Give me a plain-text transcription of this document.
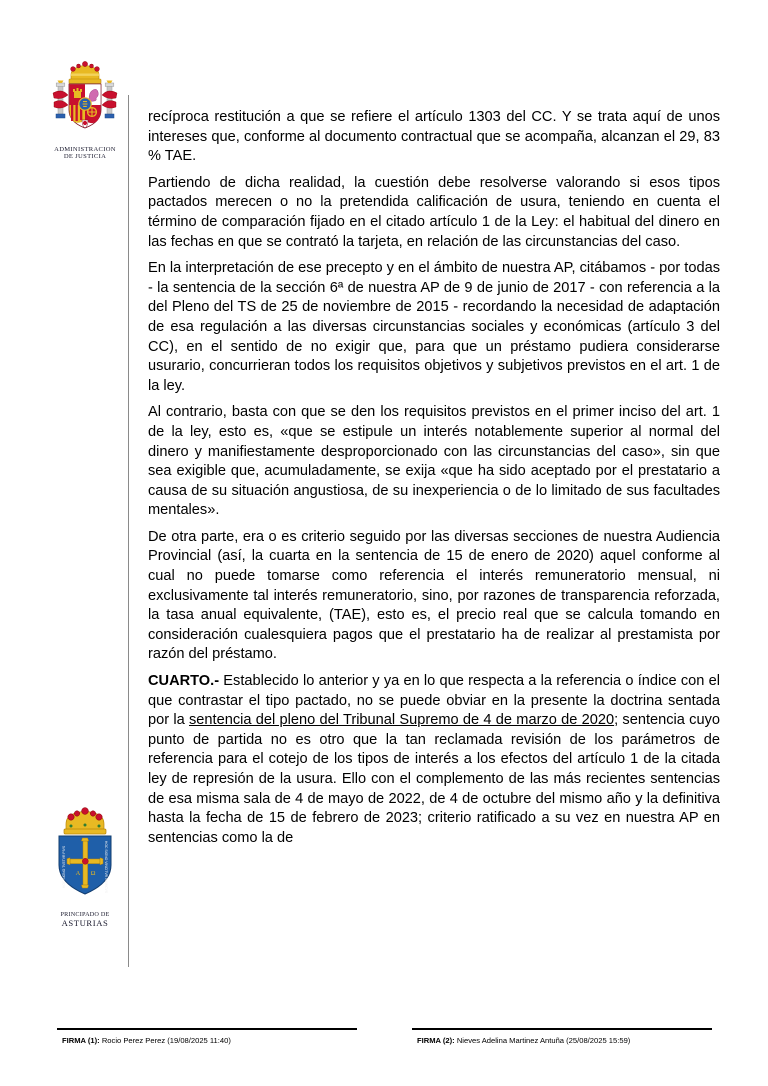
ADMINISTRACION
DE JUSTICIA
Α Ω
HOC SIGNO TVETVR PIVS	HOC SIGNO VINCITVR INIMICVS
PRINCIPADO DE
ASTURIAS

recíproca restitución a que se refiere el artículo 1303 del CC. Y se trata aquí de unos intereses que, conforme al documento contractual que se acompaña, alcanzan el 29, 83 % TAE.

Partiendo de dicha realidad, la cuestión debe resolverse valorando si esos tipos pactados merecen o no la pretendida calificación de usura, teniendo en cuenta el término de comparación fijado en el citado artículo 1 de la Ley: el habitual del dinero en las fechas en que se contrató la tarjeta, en relación de las circunstancias del caso.

En la interpretación de ese precepto y en el ámbito de nuestra AP, citábamos - por todas - la sentencia de la sección 6ª de nuestra AP de 9 de junio de 2017 - con referencia a la del Pleno del TS de 25 de noviembre de 2015 - recordando la necesidad de adaptación de esa regulación a las diversas circunstancias sociales y económicas (artículo 3 del CC), en el sentido de no exigir que, para que un préstamo pudiera considerarse usurario, concurrieran todos los requisitos objetivos y subjetivos previstos en el art. 1 de la ley.

Al contrario, basta con que se den los requisitos previstos en el primer inciso del art. 1 de la ley, esto es, «que se estipule un interés notablemente superior al normal del dinero y manifiestamente desproporcionado con las circunstancias del caso», sin que sea exigible que, acumuladamente, se exija «que ha sido aceptado por el prestatario a causa de su situación angustiosa, de su inexperiencia o de lo limitado de sus facultades mentales».

De otra parte, era o es criterio seguido por las diversas secciones de nuestra Audiencia Provincial (así, la cuarta en la sentencia de 15 de enero de 2020) aquel conforme al cual no puede tomarse como referencia el interés remuneratorio mensual, ni exclusivamente tal interés remuneratorio, sino, por razones de transparencia reforzada, la tasa anual equivalente, (TAE), esto es, el precio real que se calcula tomando en consideración cualesquiera pagos que el prestatario ha de realizar al prestamista por razón del préstamo.

CUARTO.- Establecido lo anterior y ya en lo que respecta a la referencia o índice con el que contrastar el tipo pactado, no se puede obviar en la presente la doctrina sentada por la sentencia del pleno del Tribunal Supremo de 4 de marzo de 2020; sentencia cuyo punto de partida no es otro que la tan reclamada revisión de los parámetros de referencia para el cotejo de los tipos de interés a los efectos del artículo 1 de la citada ley de represión de la usura. Ello con el complemento de las más recientes sentencias de esa misma sala de 4 de mayo de 2022, de 4 de octubre del mismo año y la definitiva hasta la fecha de 15 de febrero de 2023; criterio ratificado a su vez en nuestra AP en sentencias como la de

FIRMA (1): Rocio Perez Perez (19/08/2025 11:40)	FIRMA (2): Nieves Adelina Martinez Antuña (25/08/2025 15:59)
